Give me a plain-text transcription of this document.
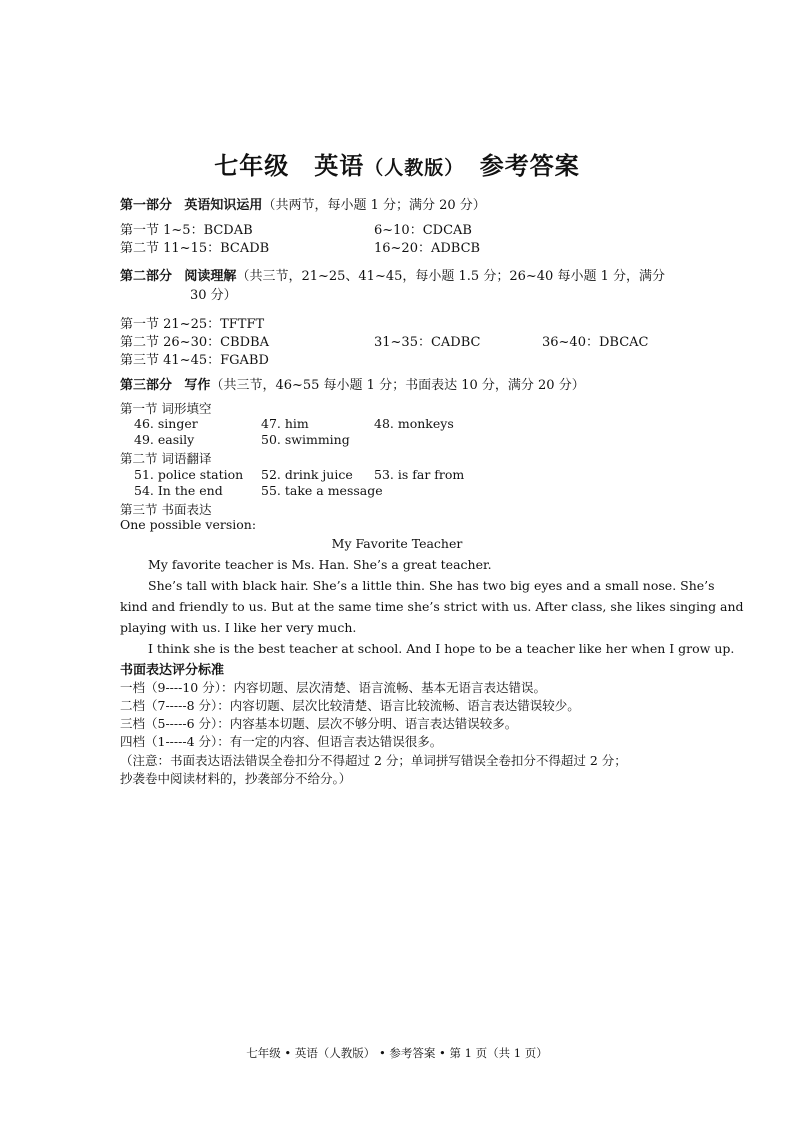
七年级　英语（人教版）　参考答案
第一部分 英语知识运用（共两节，每小题 1 分；满分 20 分）
第一节 1~5：BCDAB	6~10：CDCAB
第二节 11~15：BCADB	16~20：ADBCB
第二部分 阅读理解（共三节，21~25、41~45，每小题 1.5 分；26~40 每小题 1 分，满分
30 分）
第一节 21~25：TFTFT
第二节 26~30：CBDBA	31~35：CADBC	36~40：DBCAC
第三节 41~45：FGABD
第三部分 写作（共三节，46~55 每小题 1 分；书面表达 10 分，满分 20 分）
第一节 词形填空
46. singer	47. him	48. monkeys
49. easily	50. swimming
第二节 词语翻译
51. police station 52. drink juice 53. is far from
54. In the end	55. take a message
第三节 书面表达
One possible version:
My Favorite Teacher
My favorite teacher is Ms. Han. She’s a great teacher.
She’s tall with black hair. She’s a little thin. She has two big eyes and a small nose. She’s
kind and friendly to us. But at the same time she’s strict with us. After class, she likes singing and
playing with us. I like her very much.
I think she is the best teacher at school. And I hope to be a teacher like her when I grow up.
书面表达评分标准
一档（9----10 分）：内容切题、层次清楚、语言流畅、基本无语言表达错误。
二档（7-----8 分）：内容切题、层次比较清楚、语言比较流畅、语言表达错误较少。
三档（5-----6 分）：内容基本切题、层次不够分明、语言表达错误较多。
四档（1-----4 分）：有一定的内容、但语言表达错误很多。
（注意：书面表达语法错误全卷扣分不得超过 2 分；单词拼写错误全卷扣分不得超过 2 分；
抄袭卷中阅读材料的，抄袭部分不给分。）
七年级 • 英语（人教版） • 参考答案 • 第 1 页（共 1 页）
